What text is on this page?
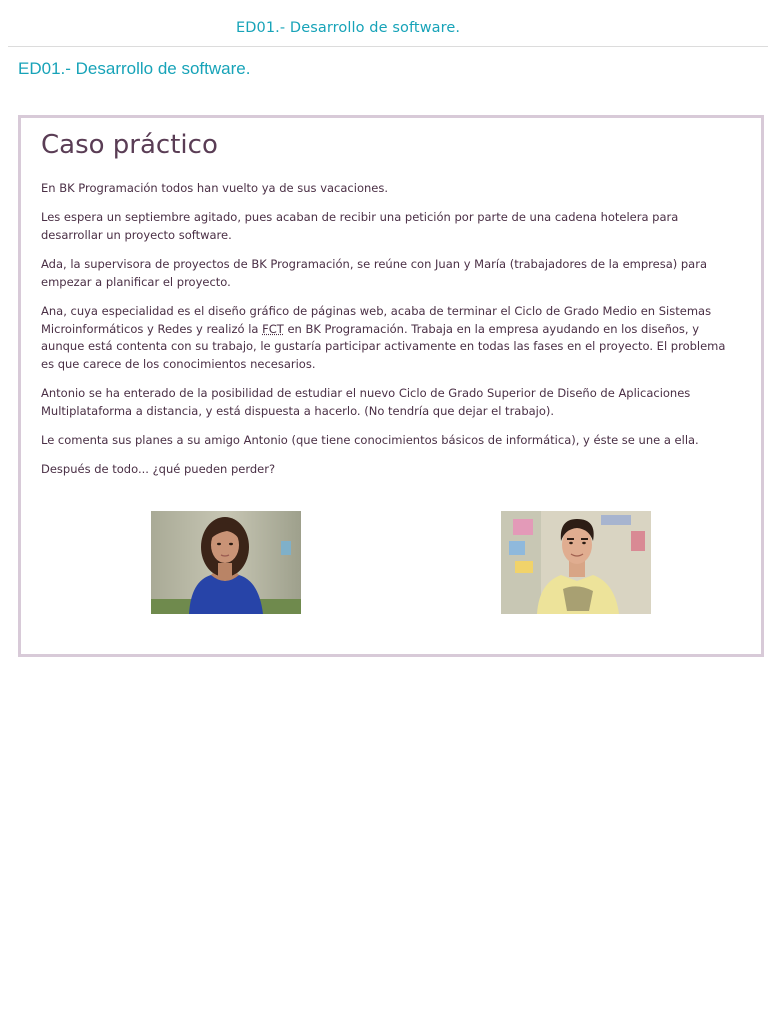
ED01.- Desarrollo de software.
ED01.- Desarrollo de software.
Caso práctico

En BK Programación todos han vuelto ya de sus vacaciones.

Les espera un septiembre agitado, pues acaban de recibir una petición por parte de una cadena hotelera para desarrollar un proyecto software.

Ada, la supervisora de proyectos de BK Programación, se reúne con Juan y María (trabajadores de la empresa) para empezar a planificar el proyecto.

Ana, cuya especialidad es el diseño gráfico de páginas web, acaba de terminar el Ciclo de Grado Medio en Sistemas Microinformáticos y Redes y realizó la FCT en BK Programación. Trabaja en la empresa ayudando en los diseños, y aunque está contenta con su trabajo, le gustaría participar activamente en todas las fases en el proyecto. El problema es que carece de los conocimientos necesarios.

Antonio se ha enterado de la posibilidad de estudiar el nuevo Ciclo de Grado Superior de Diseño de Aplicaciones Multiplataforma a distancia, y está dispuesta a hacerlo. (No tendría que dejar el trabajo).

Le comenta sus planes a su amigo Antonio (que tiene conocimientos básicos de informática), y éste se une a ella.

Después de todo... ¿qué pueden perder?
